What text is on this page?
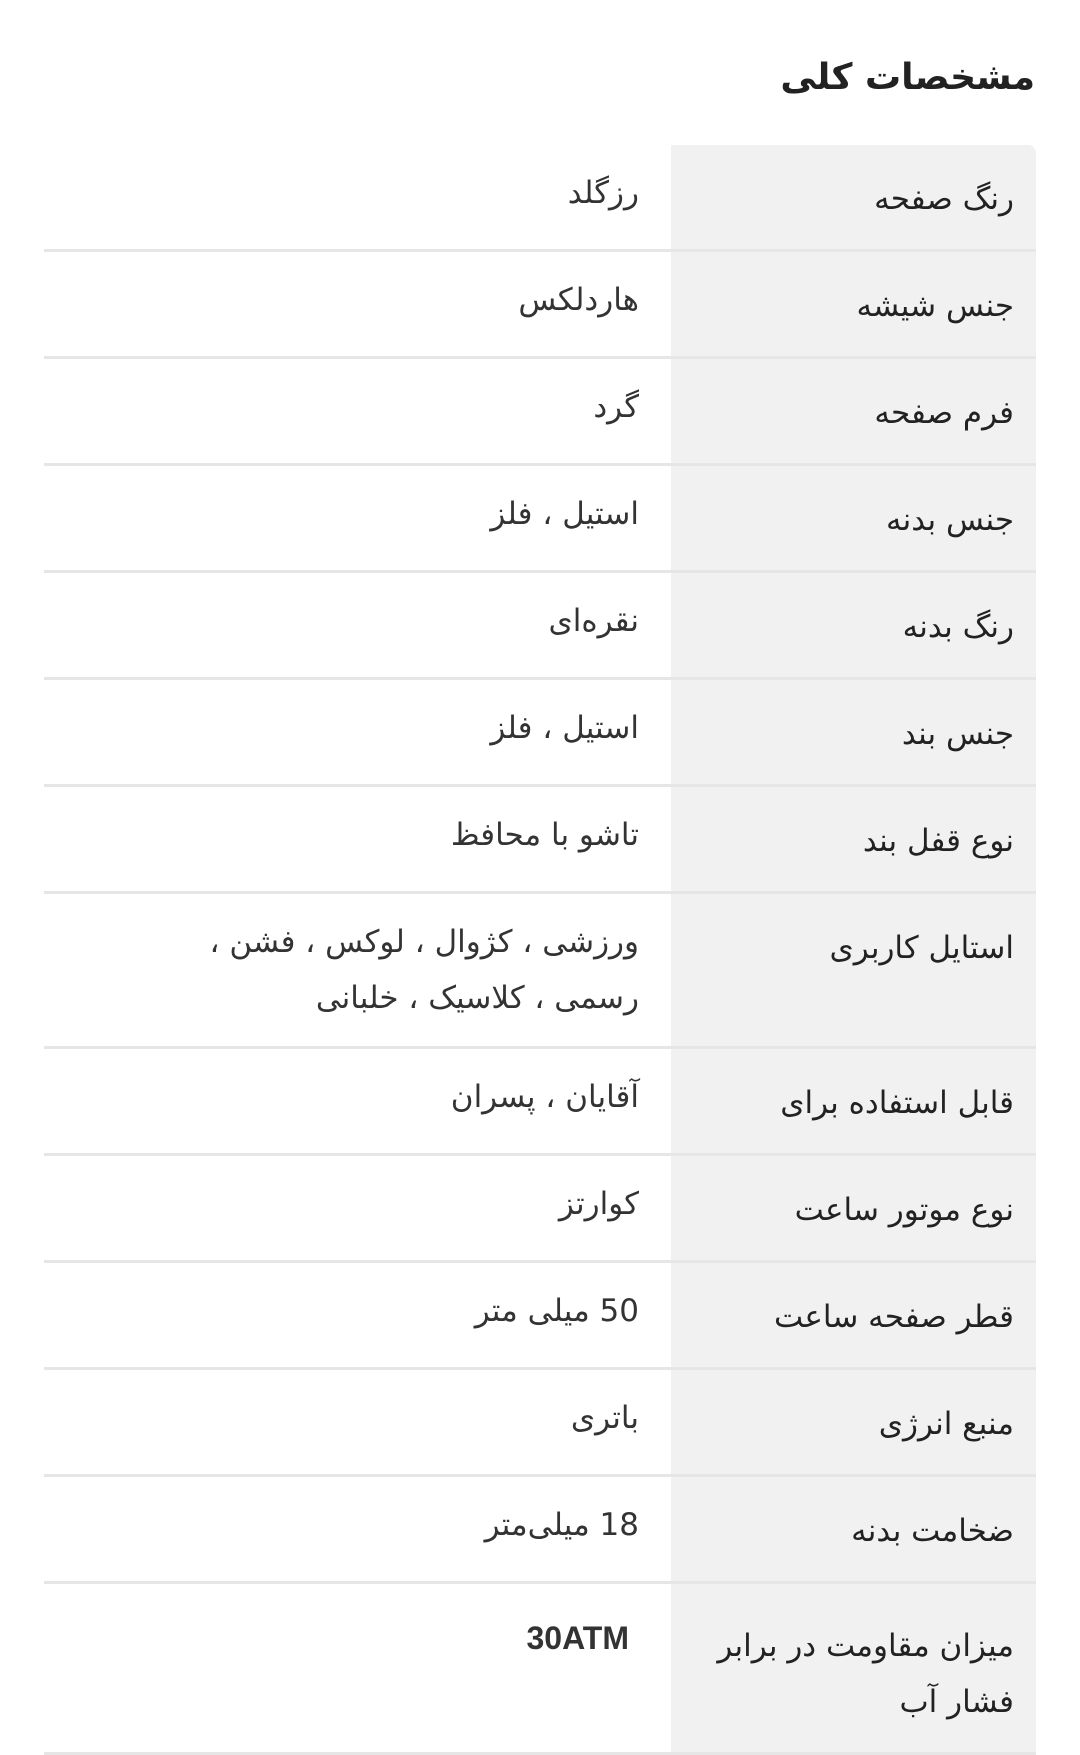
مشخصات کلی
رنگ صفحه
رزگلد
جنس شیشه
هاردلکس
فرم صفحه
گرد
جنس بدنه
استیل ، فلز
رنگ بدنه
نقره‌ای
جنس بند
استیل ، فلز
نوع قفل بند
تاشو با محافظ
استایل کاربری
ورزشی ، کژوال ، لوکس ، فشن ،
رسمی ، کلاسیک ، خلبانی
قابل استفاده برای
آقایان ، پسران
نوع موتور ساعت
کوارتز
قطر صفحه ساعت
50 میلی متر
منبع انرژی
باتری
ضخامت بدنه
18 میلی‌متر
میزان مقاومت در برابر فشار آب
30ATM
